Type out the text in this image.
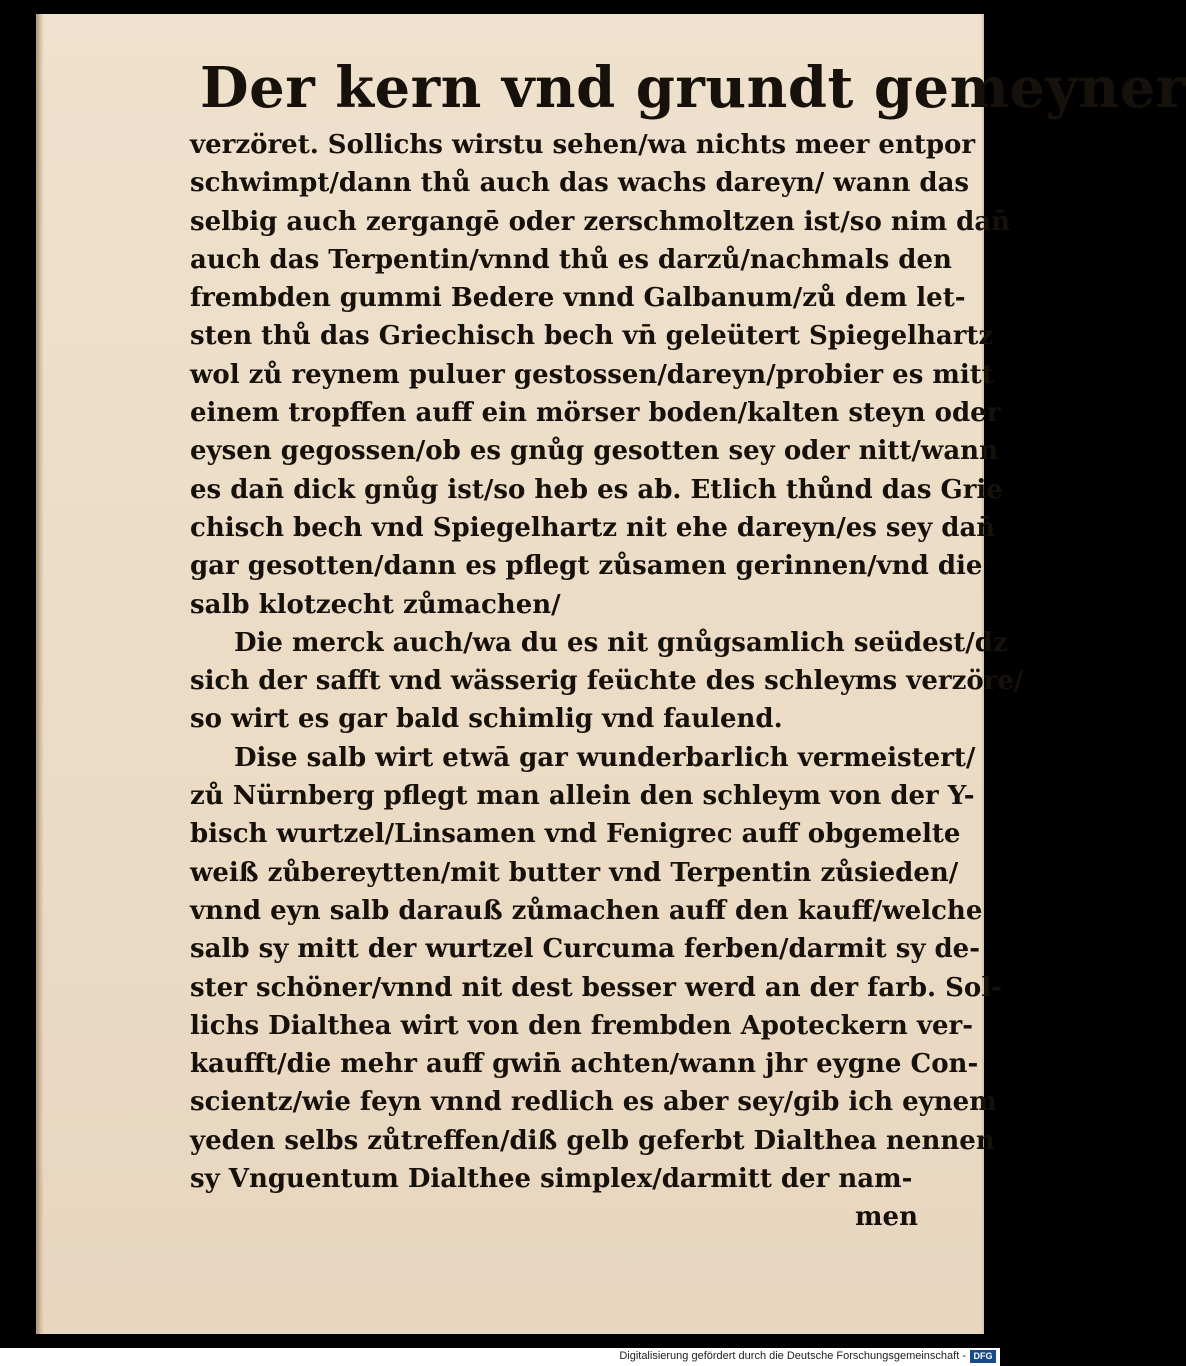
Der kern vnd grundt gemeyner
verzöret. Sollichs wirstu sehen/wa nichts meer entpor
schwimpt/dann thů auch das wachs dareyn/ wann das
selbig auch zergangē oder zerschmoltzen ist/so nim dan̄
auch das Terpentin/vnnd thů es darzů/nachmals den
frembden gummi Bedere vnnd Galbanum/zů dem let-
sten thů das Griechisch bech vn̄ geleütert Spiegelhartz
wol zů reynem puluer gestossen/dareyn/probier es mitt
einem tropffen auff ein mörser boden/kalten steyn oder
eysen gegossen/ob es gnůg gesotten sey oder nitt/wann
es dan̄ dick gnůg ist/so heb es ab. Etlich thůnd das Grie
chisch bech vnd Spiegelhartz nit ehe dareyn/es sey dan̄
gar gesotten/dann es pflegt zůsamen gerinnen/vnd die
salb klotzecht zůmachen/
Die merck auch/wa du es nit gnůgsamlich seüdest/dz
sich der safft vnd wässerig feüchte des schleyms verzöre/
so wirt es gar bald schimlig vnd faulend.
Dise salb wirt etwā gar wunderbarlich vermeistert/
zů Nürnberg pflegt man allein den schleym von der Y-
bisch wurtzel/Linsamen vnd Fenigrec auff obgemelte
weiß zůbereytten/mit butter vnd Terpentin zůsieden/
vnnd eyn salb darauß zůmachen auff den kauff/welche
salb sy mitt der wurtzel Curcuma ferben/darmit sy de-
ster schöner/vnnd nit dest besser werd an der farb. Sol-
lichs Dialthea wirt von den frembden Apoteckern ver-
kaufft/die mehr auff gwin̄ achten/wann jhr eygne Con-
scientz/wie feyn vnnd redlich es aber sey/gib ich eynem
yeden selbs zůtreffen/diß gelb geferbt Dialthea nennen
sy Vnguentum Dialthee simplex/darmitt der nam-
men
Digitalisierung gefördert durch die Deutsche Forschungsgemeinschaft - DFG
